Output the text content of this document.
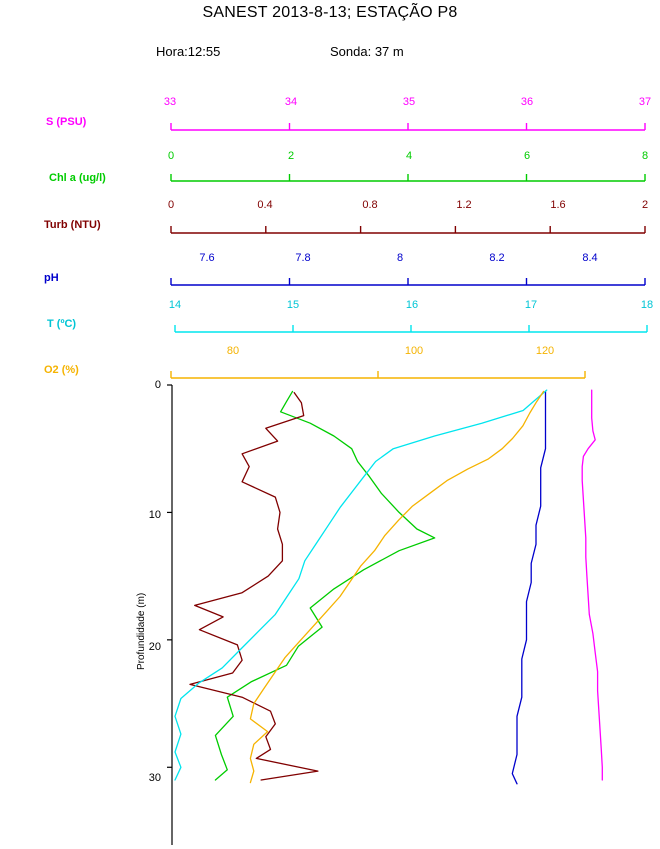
SANEST 2013-8-13; ESTAÇÃO P8
Hora:12:55	Sonda: 37 m
S (PSU)
Chl a (ug/l)
Turb (NTU)
pH
T (ºC)
O2 (%)
33	34	35	36	37
0	2	4	6	8
0	0.4	0.8	1.2	1.6	2
7.6	7.8	8	8.2	8.4
14	15	16	17	18
80	100	120
Profundidade (m)
0
10
20
30
